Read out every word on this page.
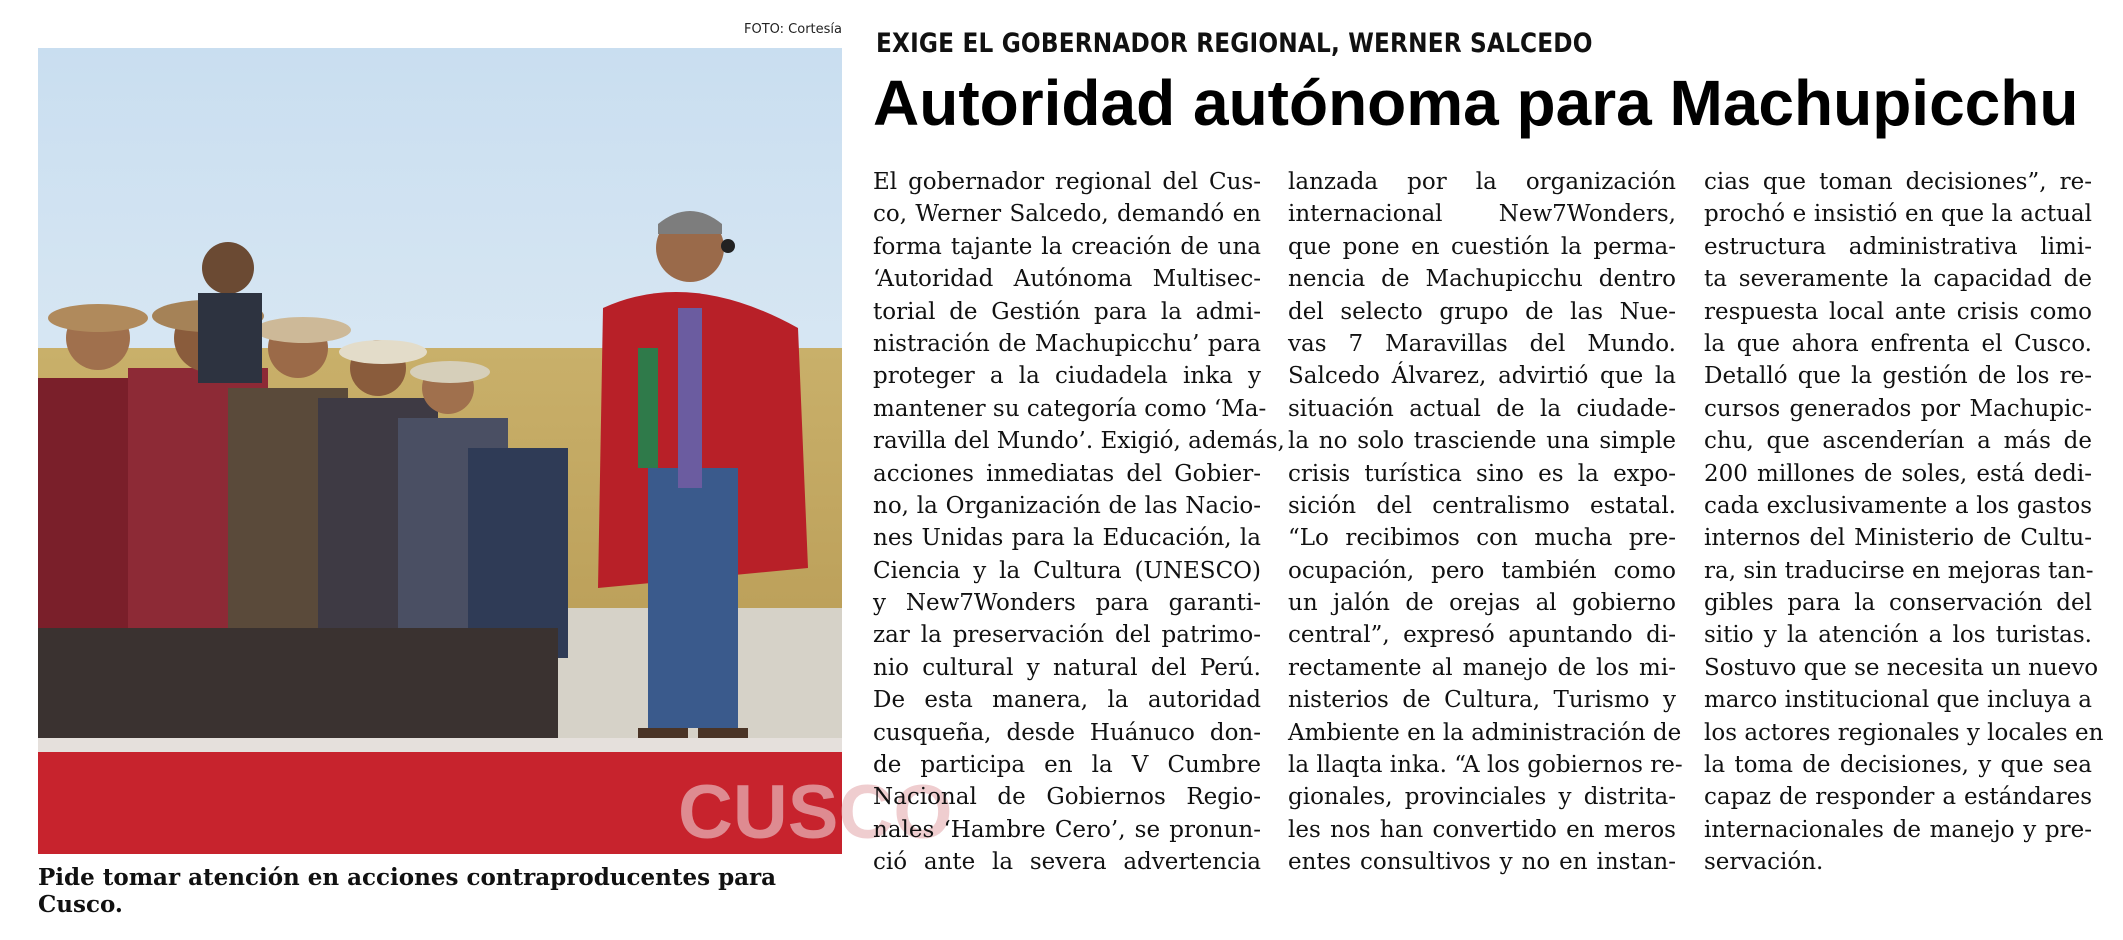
FOTO: Cortesía
CUSCO
Pide tomar atención en acciones contraproducentes para Cusco.
EXIGE EL GOBERNADOR REGIONAL, WERNER SALCEDO
Autoridad autónoma para Machupicchu
El gobernador regional del Cus-
co, Werner Salcedo, demandó en
forma tajante la creación de una
‘Autoridad Autónoma Multisec-
torial de Gestión para la admi-
nistración de Machupicchu’ para
proteger a la ciudadela inka y
mantener su categoría como ‘Ma-
ravilla del Mundo’. Exigió, además,
acciones inmediatas del Gobier-
no, la Organización de las Nacio-
nes Unidas para la Educación, la
Ciencia y la Cultura (UNESCO)
y New7Wonders para garanti-
zar la preservación del patrimo-
nio cultural y natural del Perú.
De esta manera, la autoridad
cusqueña, desde Huánuco don-
de participa en la V Cumbre
Nacional de Gobiernos Regio-
nales ‘Hambre Cero’, se pronun-
ció ante la severa advertencia
lanzada por la organización
internacional New7Wonders,
que pone en cuestión la perma-
nencia de Machupicchu dentro
del selecto grupo de las Nue-
vas 7 Maravillas del Mundo.
Salcedo Álvarez, advirtió que la
situación actual de la ciudade-
la no solo trasciende una simple
crisis turística sino es la expo-
sición del centralismo estatal.
“Lo recibimos con mucha pre-
ocupación, pero también como
un jalón de orejas al gobierno
central”, expresó apuntando di-
rectamente al manejo de los mi-
nisterios de Cultura, Turismo y
Ambiente en la administración de
la llaqta inka. “A los gobiernos re-
gionales, provinciales y distrita-
les nos han convertido en meros
entes consultivos y no en instan-
cias que toman decisiones”, re-
prochó e insistió en que la actual
estructura administrativa limi-
ta severamente la capacidad de
respuesta local ante crisis como
la que ahora enfrenta el Cusco.
Detalló que la gestión de los re-
cursos generados por Machupic-
chu, que ascenderían a más de
200 millones de soles, está dedi-
cada exclusivamente a los gastos
internos del Ministerio de Cultu-
ra, sin traducirse en mejoras tan-
gibles para la conservación del
sitio y la atención a los turistas.
Sostuvo que se necesita un nuevo
marco institucional que incluya a
los actores regionales y locales en
la toma de decisiones, y que sea
capaz de responder a estándares
internacionales de manejo y pre-
servación.
